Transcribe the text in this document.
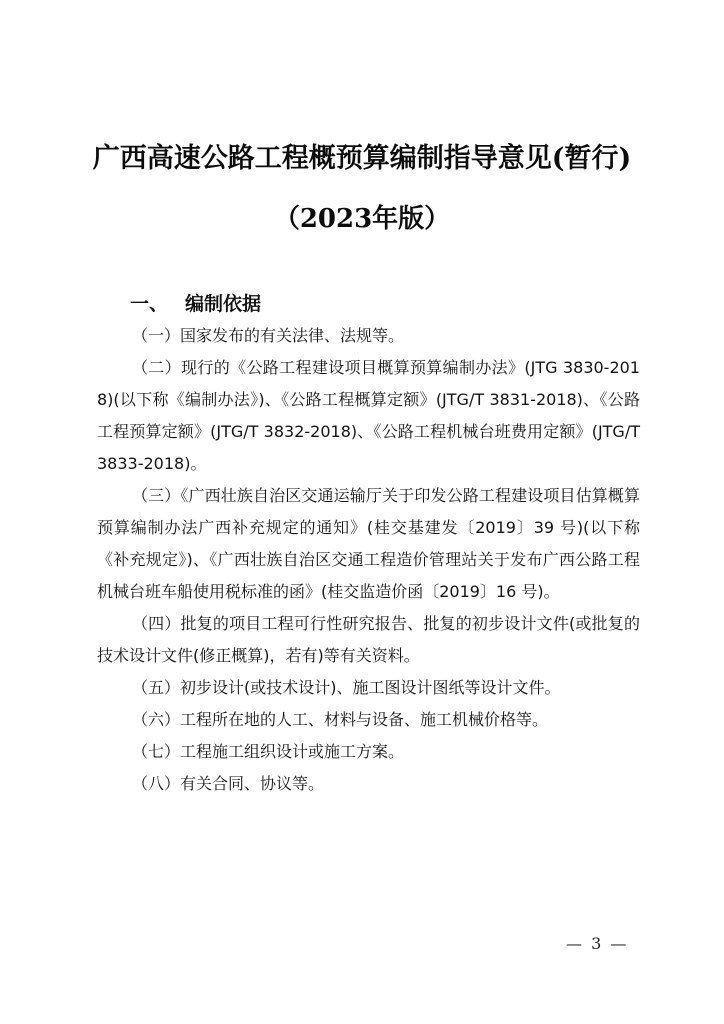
广西高速公路工程概预算编制指导意见(暂行)
（2023年版）
一、 编制依据

（一）国家发布的有关法律、法规等。

（二）现行的《公路工程建设项目概算预算编制办法》(JTG 3830-2018)(以下称《编制办法》)、《公路工程概算定额》(JTG/T 3831-2018)、《公路工程预算定额》(JTG/T 3832-2018)、《公路工程机械台班费用定额》(JTG/T 3833-2018)。

（三）《广西壮族自治区交通运输厅关于印发公路工程建设项目估算概算预算编制办法广西补充规定的通知》(桂交基建发〔2019〕39 号)(以下称《补充规定》)、《广西壮族自治区交通工程造价管理站关于发布广西公路工程机械台班车船使用税标准的函》(桂交监造价函〔2019〕16 号)。

（四）批复的项目工程可行性研究报告、批复的初步设计文件(或批复的技术设计文件(修正概算)，若有)等有关资料。

（五）初步设计(或技术设计)、施工图设计图纸等设计文件。

（六）工程所在地的人工、材料与设备、施工机械价格等。

（七）工程施工组织设计或施工方案。

（八）有关合同、协议等。

— 3 —
